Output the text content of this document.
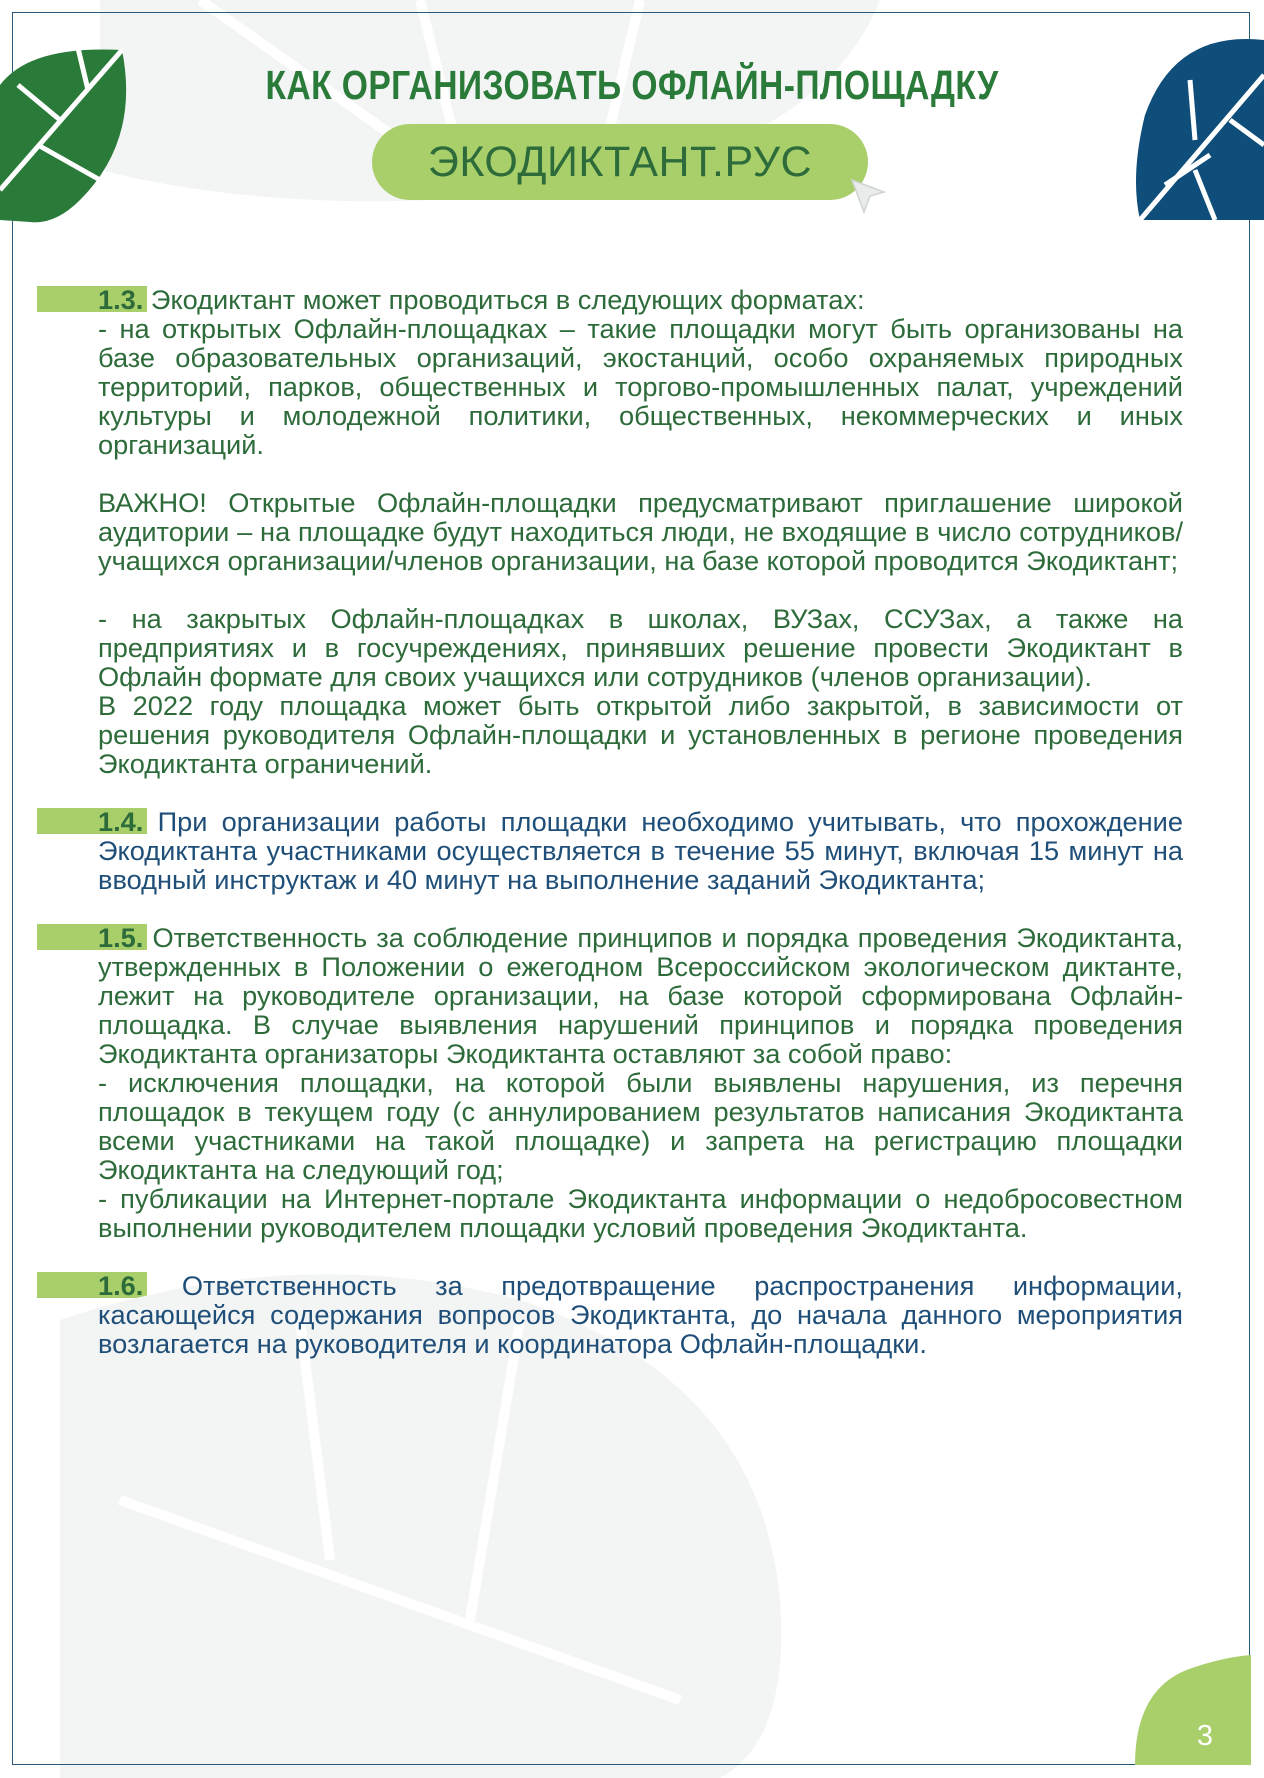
КАК ОРГАНИЗОВАТЬ ОФЛАЙН-ПЛОЩАДКУ
ЭКОДИКТАНТ.РУС

1.3. Экодиктант может проводиться в следующих форматах:

- на открытых Офлайн-площадках – такие площадки могут быть организованы на базе образовательных организаций, экостанций, особо охраняемых природных территорий, парков, общественных и торгово-промышленных палат, учреждений культуры и молодежной политики, общественных, некоммерческих и иных организаций.

ВАЖНО! Открытые Офлайн-площадки предусматривают приглашение широкой аудитории – на площадке будут находиться люди, не входящие в число сотрудников/учащихся организации/членов организации, на базе которой проводится Экодиктант;

- на закрытых Офлайн-площадках в школах, ВУЗах, ССУЗах, а также на предприятиях и в госучреждениях, принявших решение провести Экодиктант в Офлайн формате для своих учащихся или сотрудников (членов организации).

В 2022 году площадка может быть открытой либо закрытой, в зависимости от решения руководителя Офлайн-площадки и установленных в регионе проведения Экодиктанта ограничений.

1.4. При организации работы площадки необходимо учитывать, что прохождение Экодиктанта участниками осуществляется в течение 55 минут, включая 15 минут на вводный инструктаж и 40 минут на выполнение заданий Экодиктанта;

1.5. Ответственность за соблюдение принципов и порядка проведения Экодиктанта, утвержденных в Положении о ежегодном Всероссийском экологическом диктанте, лежит на руководителе организации, на базе которой сформирована Офлайн-площадка. В случае выявления нарушений принципов и порядка проведения Экодиктанта организаторы Экодиктанта оставляют за собой право:

- исключения площадки, на которой были выявлены нарушения, из перечня площадок в текущем году (с аннулированием результатов написания Экодиктанта всеми участниками на такой площадке) и запрета на регистрацию площадки Экодиктанта на следующий год;

- публикации на Интернет-портале Экодиктанта информации о недобросовестном выполнении руководителем площадки условий проведения Экодиктанта.

1.6. Ответственность за предотвращение распространения информации, касающейся содержания вопросов Экодиктанта, до начала данного мероприятия возлагается на руководителя и координатора Офлайн-площадки.

3
